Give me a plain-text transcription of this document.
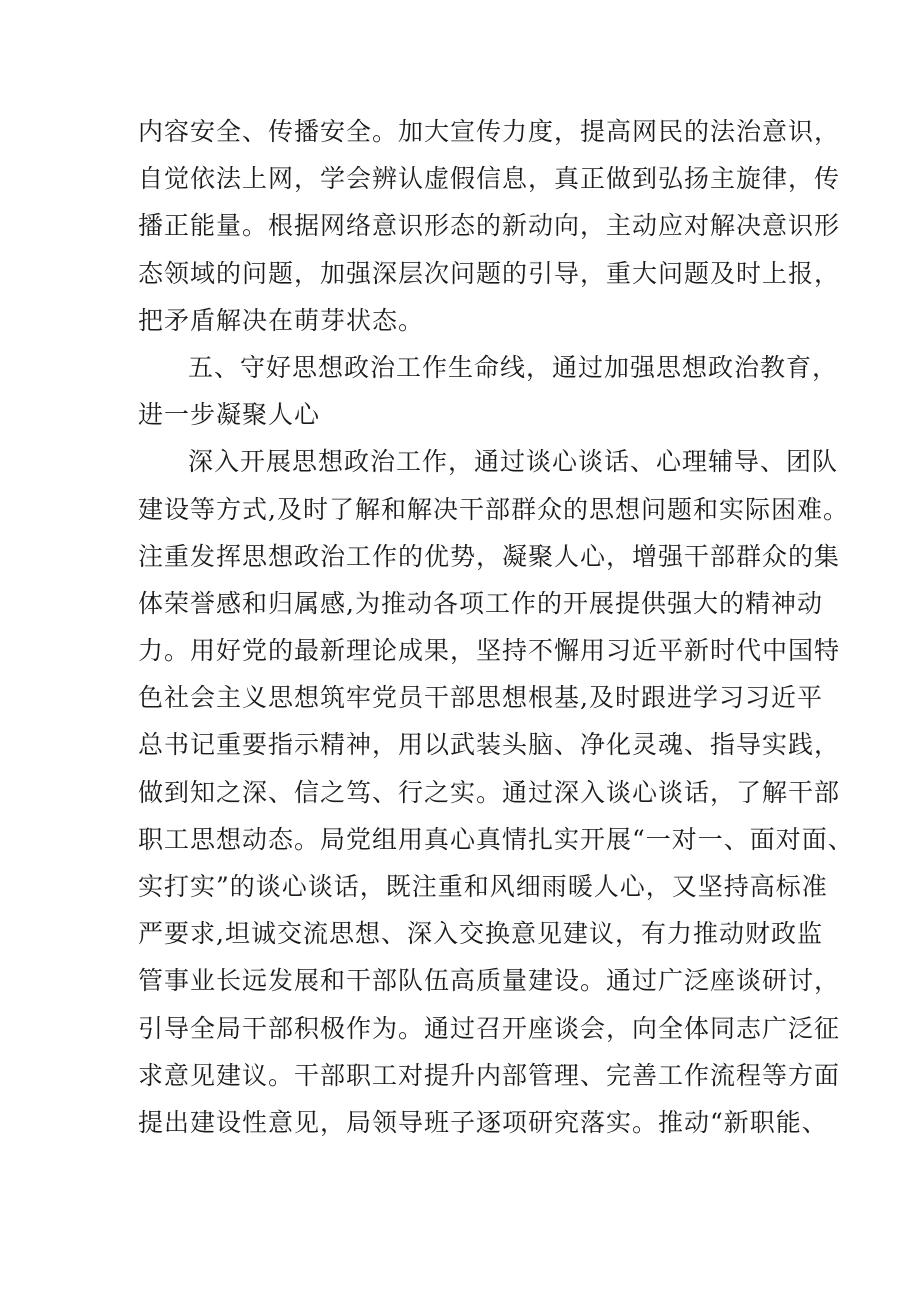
内容安全、传播安全。加大宣传力度，提高网民的法治意识，
自觉依法上网，学会辨认虚假信息，真正做到弘扬主旋律，传
播正能量。根据网络意识形态的新动向，主动应对解决意识形
态领域的问题，加强深层次问题的引导，重大问题及时上报，
把矛盾解决在萌芽状态。
五、守好思想政治工作生命线，通过加强思想政治教育，
进一步凝聚人心
深入开展思想政治工作，通过谈心谈话、心理辅导、团队
建设等方式,及时了解和解决干部群众的思想问题和实际困难。
注重发挥思想政治工作的优势，凝聚人心，增强干部群众的集
体荣誉感和归属感,为推动各项工作的开展提供强大的精神动
力。用好党的最新理论成果，坚持不懈用习近平新时代中国特
色社会主义思想筑牢党员干部思想根基,及时跟进学习习近平
总书记重要指示精神，用以武装头脑、净化灵魂、指导实践，
做到知之深、信之笃、行之实。通过深入谈心谈话，了解干部
职工思想动态。局党组用真心真情扎实开展“一对一、面对面、
实打实”的谈心谈话，既注重和风细雨暖人心，又坚持高标准
严要求,坦诚交流思想、深入交换意见建议，有力推动财政监
管事业长远发展和干部队伍高质量建设。通过广泛座谈研讨，
引导全局干部积极作为。通过召开座谈会，向全体同志广泛征
求意见建议。干部职工对提升内部管理、完善工作流程等方面
提出建设性意见，局领导班子逐项研究落实。推动“新职能、
